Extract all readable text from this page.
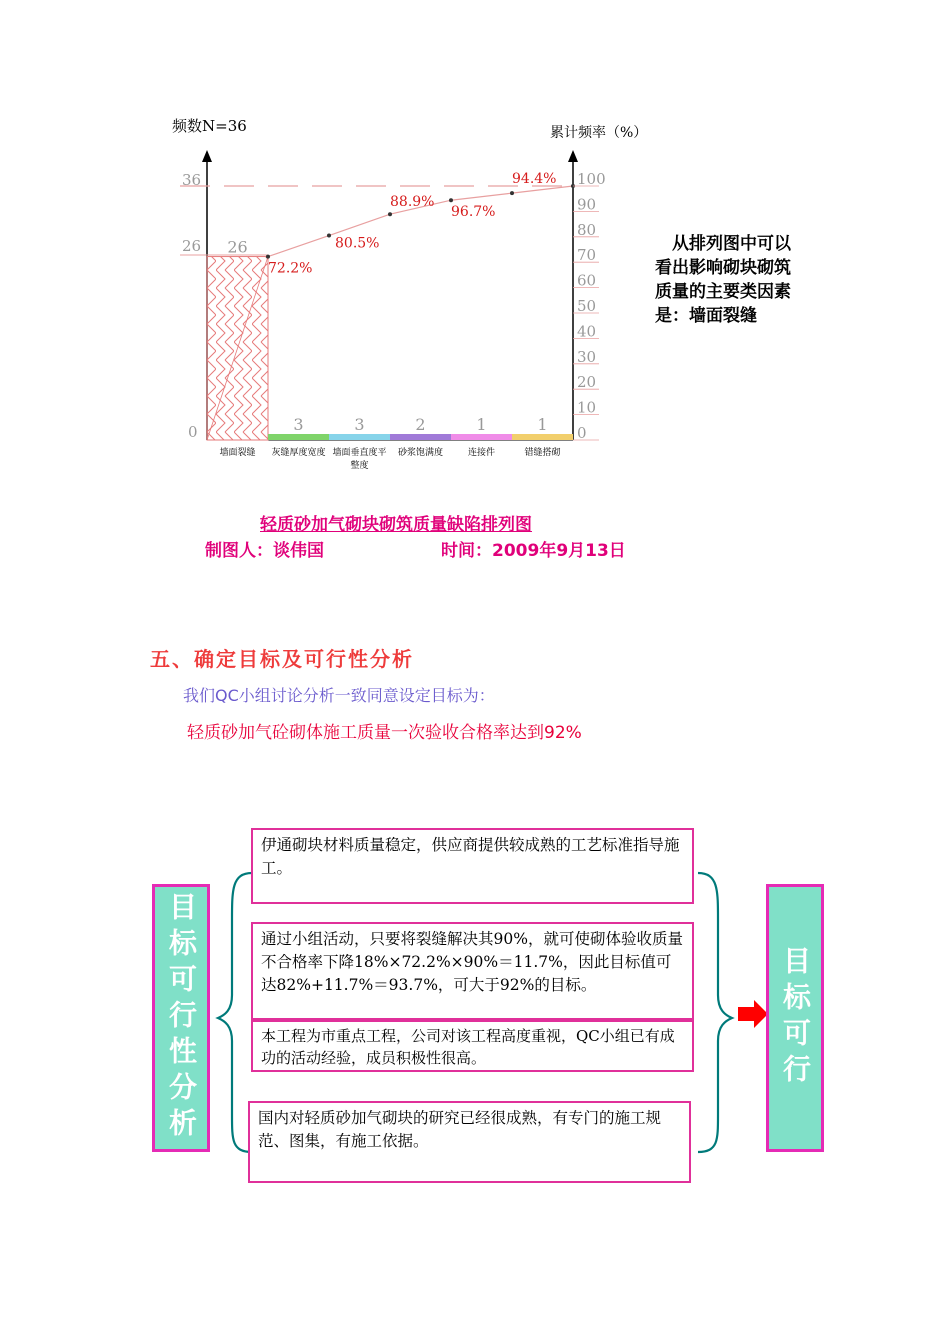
频数N=36	累计频率（%）
36
26
0
26
墙面裂缝
3
灰缝厚度宽度
3
墙面垂直度平
整度
2
砂浆饱满度
1
连接件
1
错缝搭砌
72.2%
80.5%
88.9%
96.7%
94.4% 100
90
80
70
60
50
40
30
20
10
0
从排列图中可以看出影响砌块砌筑质量的主要类因素是：墙面裂缝
轻质砂加气砌块砌筑质量缺陷排列图
制图人：谈伟国	时间：2009年9月13日
五、确定目标及可行性分析
我们QC小组讨论分析一致同意设定目标为：
轻质砂加气砼砌体施工质量一次验收合格率达到92%
目标可行性分析
伊通砌块材料质量稳定，供应商提供较成熟的工艺标准指导施工。
通过小组活动，只要将裂缝解决其90%，就可使砌体验收质量不合格率下降18%×72.2%×90%＝11.7%，因此目标值可达82%+11.7%＝93.7%，可大于92%的目标。
本工程为市重点工程，公司对该工程高度重视，QC小组已有成功的活动经验，成员积极性很高。
国内对轻质砂加气砌块的研究已经很成熟，有专门的施工规范、图集，有施工依据。
目标可行
